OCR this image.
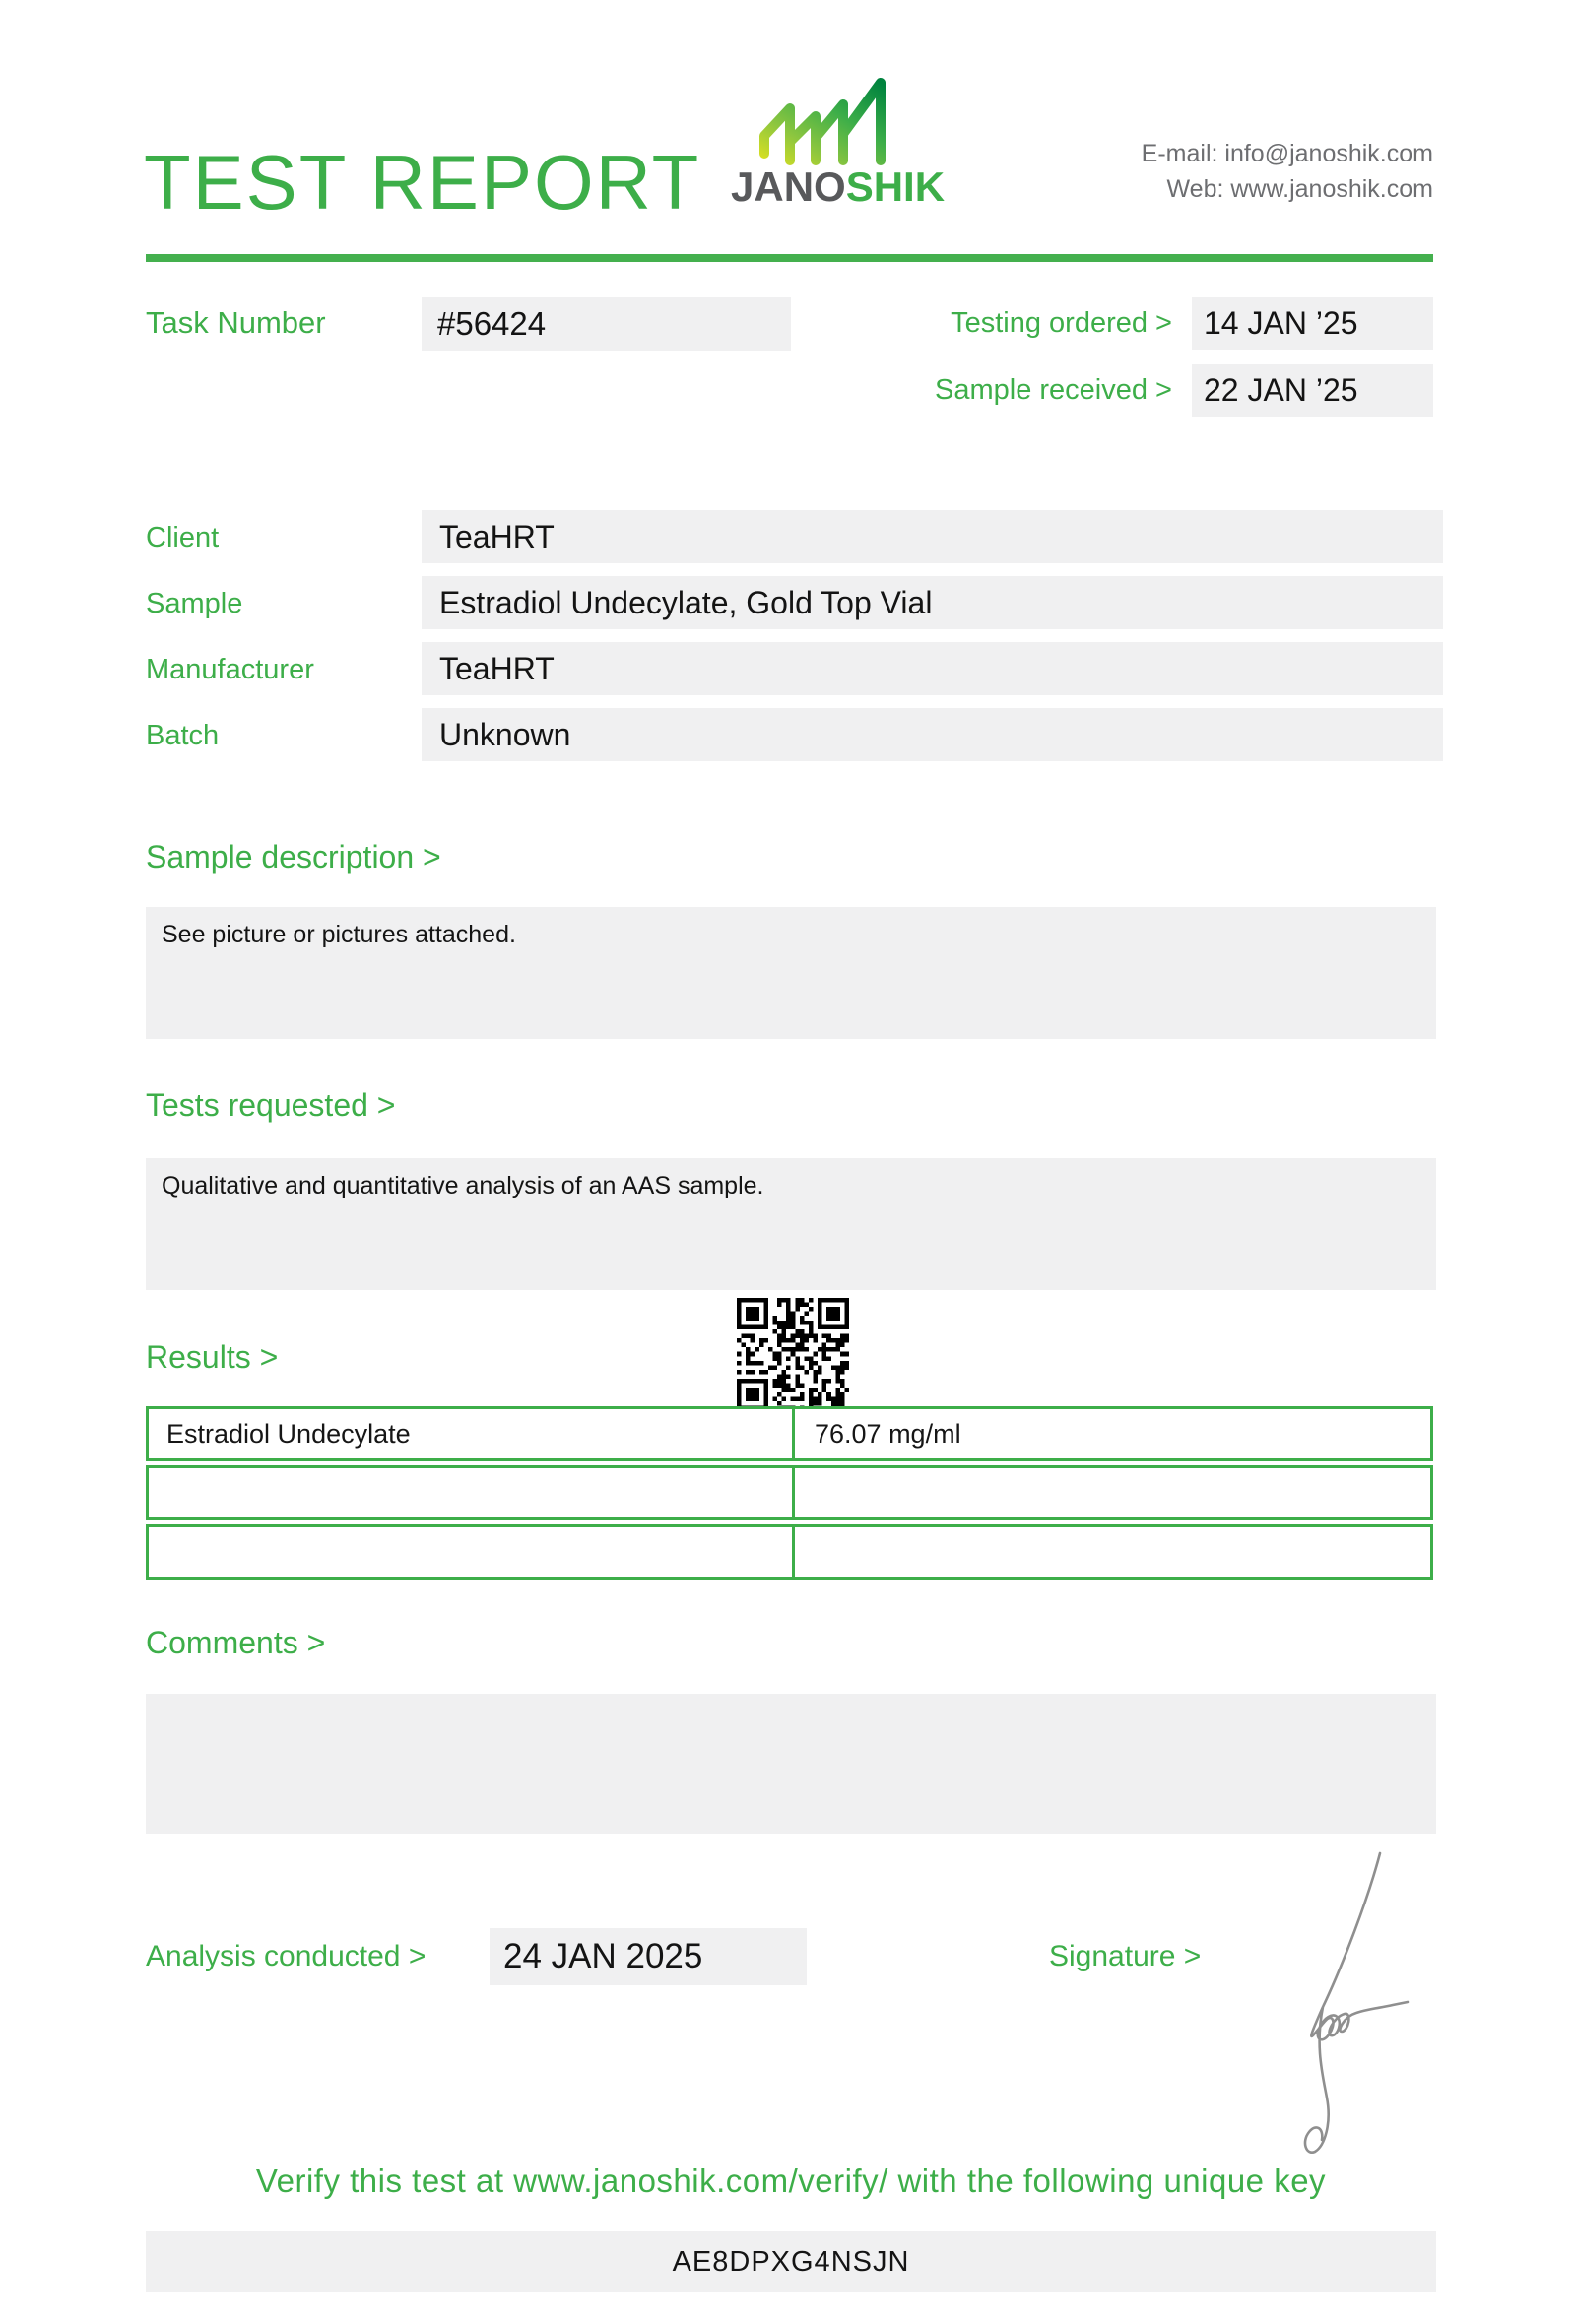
TEST REPORT JANOSHIK
E-mail: info@janoshik.com
Web: www.janoshik.com
Task Number	#56424	Testing ordered >	14 JAN ’25
Sample received >	22 JAN ’25
Client	TeaHRT
Sample	Estradiol Undecylate, Gold Top Vial
Manufacturer	TeaHRT
Batch	Unknown
Sample description >
See picture or pictures attached.
Tests requested >
Qualitative and quantitative analysis of an AAS sample.
Results >
Estradiol Undecylate	76.07 mg/ml
Comments >
Analysis conducted >	24 JAN 2025	Signature >
Verify this test at www.janoshik.com/verify/ with the following unique key
AE8DPXG4NSJN
